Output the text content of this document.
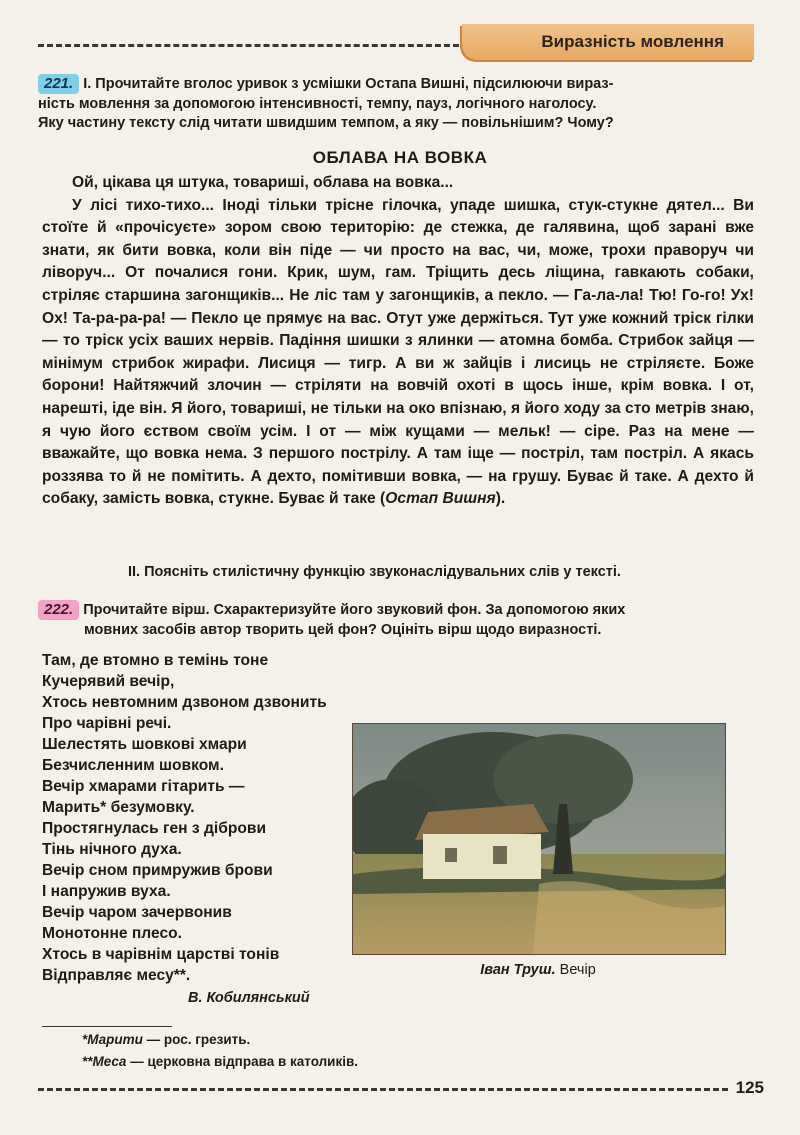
Виразність мовлення
221. I. Прочитайте вголос уривок з усмішки Остапа Вишні, підсилюючи вираз-
ність мовлення за допомогою інтенсивності, темпу, пауз, логічного наголосу.
Яку частину тексту слід читати швидшим темпом, а яку — повільнішим? Чому?
ОБЛАВА НА ВОВКА

Ой, цікава ця штука, товариші, облава на вовка...

У лісі тихо-тихо... Іноді тільки трісне гілочка, упаде шишка, стук-стукне дятел... Ви стоїте й «прочісуєте» зором свою територію: де стежка, де галявина, щоб зарані вже знати, як бити вовка, коли він піде — чи просто на вас, чи, може, трохи праворуч чи ліворуч... От почалися гони. Крик, шум, гам. Тріщить десь ліщина, гавкають собаки, стріляє старшина загонщиків... Не ліс там у загонщиків, а пекло. — Га-ла-ла! Тю! Го-го! Ух! Ох! Та-ра-ра-ра! — Пекло це прямує на вас. Отут уже держіться. Тут уже кожний тріск гілки — то тріск усіх ваших нервів. Падіння шишки з ялинки — атомна бомба. Стрибок зайця — мінімум стрибок жирафи. Лисиця — тигр. А ви ж зайців і лисиць не стріляєте. Боже борони! Найтяжчий злочин — стріляти на вовчій охоті в щось інше, крім вовка. І от, нарешті, іде він. Я його, товариші, не тільки на око впізнаю, я його ходу за сто метрів знаю, я чую його єством своїм усім. І от — між кущами — мельк! — сіре. Раз на мене — вважайте, що вовка нема. З першого пострілу. А там іще — постріл, там постріл. А якась роззява то й не помітить. А дехто, помітивши вовка, — на грушу. Буває й таке. А дехто й собаку, замість вовка, стукне. Буває й таке (Остап Вишня).

II. Поясніть стилістичну функцію звуконаслідувальних слів у тексті.
222. Прочитайте вірш. Схарактеризуйте його звуковий фон. За допомогою яких
мовних засобів автор творить цей фон? Оцініть вірш щодо виразності.
Там, де втомно в темінь тоне
Кучерявий вечір,
Хтось невтомним дзвоном дзвонить
Про чарівні речі.
Шелестять шовкові хмари
Безчисленним шовком.
Вечір хмарами гітарить —
Марить* безумовку.
Простягнулась ген з діброви
Тінь нічного духа.
Вечір сном примружив брови
І напружив вуха.
Вечір чаром зачервонив
Монотонне плесо.
Хтось в чарівнім царстві тонів
Відправляє месу**.
В. Кобилянський
Іван Труш. Вечір
*Марити — рос. грезить.
**Меса — церковна відправа в католиків.
125
